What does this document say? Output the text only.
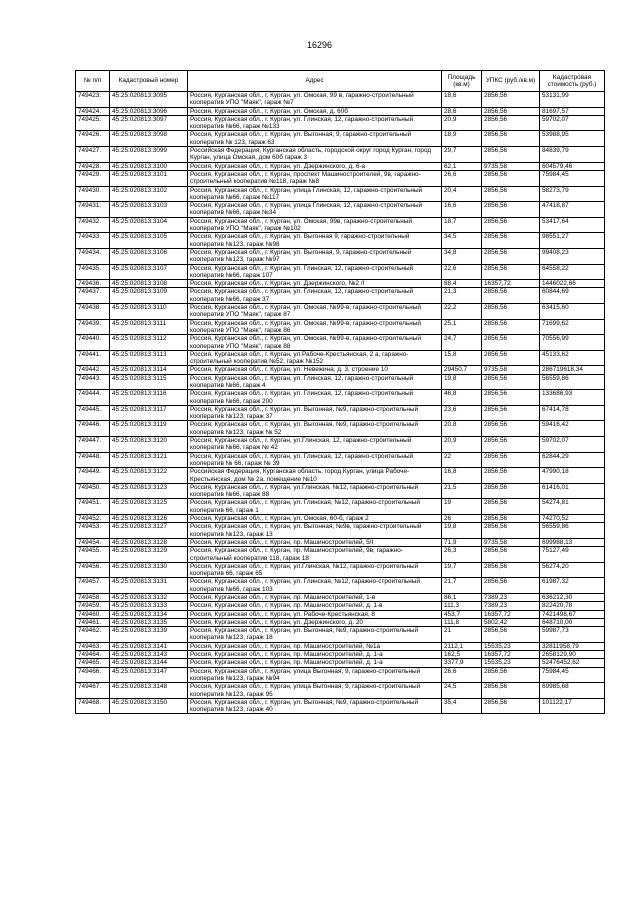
16296
№ п/п	Кадастровый номер	Адрес	Площадь (кв.м)	УПКС (руб./кв.м)	Кадастровая стоимость (руб.)
749423.	45:25:020813:3095	Россия, Курганская обл., г. Курган, ул. Омская, 99 в, гаражно-строительный кооператив УПО "Маяк", гараж №7	18,6	2856,56	53131,99
749424.	45:25:020813:3096	Россия, Курганская обл., г. Курган, ул. Омская, д. 60б	28,6	2856,56	81697,57
749425.	45:25:020813:3097	Россия, Курганская обл., г. Курган, ул. Глинская, 12, гаражно-строительный кооператив №66, гараж №133	20,9	2856,56	59702,07
749426.	45:25:020813:3098	Россия, Курганская обл., г. Курган, ул. Выгонная, 9, гаражно-строительный кооператив № 123, гараж 63	18,9	2856,56	53988,95
749427.	45:25:020813:3099	Российская Федерация, Курганская область, городской округ город Курган, город Курган, улица Омская, дом 60б гараж 3	29,7	2856,56	84839,79
749428.	45:25:020813:3100	Россия, Курганская обл., г. Курган, ул. Дзержинского, д. 6-а	62,1	9735,58	604579,46
749429.	45:25:020813:3101	Россия, Курганская обл., г. Курган, проспект Машиностроителей, 9в, гаражно-строительный кооператив №118, гараж №8	26,6	2856,56	75984,45
749430.	45:25:020813:3102	Россия, Курганская обл., г. Курган, улица Глинская, 12, гаражно-строительный кооператив №66, гараж №117	20,4	2856,56	58273,79
749431.	45:25:020813:3103	Россия, Курганская обл., г. Курган, улица Глинская, 12, гаражно-строительный кооператив №66, гараж №34	16,6	2856,56	47418,87
749432.	45:25:020813:3104	Россия, Курганская обл., г. Курган, ул. Омская, 99в, гаражно-строительный кооператив УПО "Маяк", гараж №102	18,7	2856,56	53417,64
749433.	45:25:020813:3105	Россия, Курганская обл., г. Курган, ул. Выгонная 9, гаражно-строительный кооператив №123, гараж №98	34,5	2856,56	98551,27
749434.	45:25:020813:3106	Россия, Курганская обл., г. Курган, ул. Выгонная, 9, гаражно-строительный кооператив №123, гараж №97	34,8	2856,56	99408,23
749435.	45:25:020813:3107	Россия, Курганская обл., г. Курган, ул. Глинская, 12, гаражно-строительный кооператив №66, гараж 107	22,6	2856,56	64558,22
749436.	45:25:020813:3108	Россия, Курганская обл., г. Курган, ул. Дзержинского, №2 /I	88,4	16357,72	1446022,66
749437.	45:25:020813:3109	Россия, Курганская обл., г. Курган, ул. Глинская, 12, гаражно-строительный кооператив №66, гараж 37	21,3	2856,56	60844,69
749438.	45:25:020813:3110	Россия, Курганская обл., г. Курган, ул. Омская, №99-в, гаражно-строительный кооператив УПО "Маяк", гараж 87	22,2	2856,56	63415,60
749439.	45:25:020813:3111	Россия, Курганская обл., г. Курган, ул. Омская, №99-в, гаражно-строительный кооператив УПО "Маяк", гараж 86	25,1	2856,56	71699,62
749440.	45:25:020813:3112	Россия, Курганская обл., г. Курган, ул. Омская, №99-в, гаражно-строительный кооператив УПО "Маяк", гараж 88	24,7	2856,56	70556,99
749441.	45:25:020813:3113	Россия, Курганская обл., г. Курган, ул.Рабоче-Крестьянская, 2 а, гаражно-строительный кооператив №52, гараж №152	15,8	2856,56	45133,62
749442.	45:25:020813:3114	Россия, Курганская обл., г. Курган, ул. Невежина, д. 3, строение 10	29450,7	9735,58	286719618,34
749443.	45:25:020813:3115	Россия, Курганская обл., г. Курган, ул. Глинская, 12, гаражно-строительный кооператив №66, гараж 4	19,8	2856,56	56559,86
749444.	45:25:020813:3116	Россия, Курганская обл., г. Курган, ул. Глинская, 12, гаражно-строительный кооператив №66, гараж 200	46,8	2856,56	133686,93
749445.	45:25:020813:3117	Россия, Курганская обл., г. Курган, ул. Выгонная, №9, гаражно-строительный кооператив №123, гараж 37	23,6	2856,56	67414,78
749446.	45:25:020813:3119	Россия, Курганская обл., г. Курган, ул. Выгонная, №9, гаражно-строительный кооператив №123, гараж № 52	20,8	2856,56	59416,42
749447.	45:25:020813:3120	Россия, Курганская обл., г. Курган, ул.Глинская, 12, гаражно-строительный кооператив №66, гараж № 42	20,9	2856,56	59702,07
749448.	45:25:020813:3121	Россия, Курганская обл., г. Курган, ул. Глинская, 12, гаражно-строительный кооператив № 66, гараж № 39	22	2856,56	62844,29
749449.	45:25:020813:3122	Российская Федерация, Курганская область, город Курган, улица Рабоче-Крестьянская, дом № 2а, помещение №10	16,8	2856,56	47990,18
749450.	45:25:020813:3123	Россия, Курганская обл., г. Курган, ул.Глинская, №12, гаражно-строительный кооператив №66, гараж 88	21,5	2856,56	61416,01
749451.	45:25:020813:3125	Россия, Курганская обл., г. Курган, ул. Глинская, №12, гаражно-строительный кооператив 66, гараж 1	19	2856,56	54274,81
749452.	45:25:020813:3126	Россия, Курганская обл., г. Курган, ул. Омская, 60-б, гараж 2	26	2856,56	74270,52
749453.	45:25:020813:3127	Россия, Курганская обл., г. Курган, ул. Выгонная, №9в, гаражно-строительный кооператив №123, гараж 13	19,8	2856,56	56559,86
749454.	45:25:020813:3128	Россия, Курганская обл., г. Курган, пр. Машиностроителей, 5/I	71,9	9735,58	699988,13
749455.	45:25:020813:3129	Россия, Курганская обл., г. Курган, пр. Машиностроителей, 9в, гаражно-строительный кооператив 118, гараж 18	26,3	2856,56	75127,49
749456.	45:25:020813:3130	Россия, Курганская обл., г. Курган, ул.Глинская, №12, гаражно-строительный кооператив 66, гараж 65	19,7	2856,56	56274,20
749457.	45:25:020813:3131	Россия, Курганская обл., г. Курган, ул. Глинская, №12, гаражно-строительный кооператив №66, гараж 103	21,7	2856,56	61987,32
749458.	45:25:020813:3132	Россия, Курганская обл., г. Курган, пр. Машиностроителей, 1-в	86,1	7389,23	636212,30
749459.	45:25:020813:3133	Россия, Курганская обл., г. Курган, пр. Машиностроителей, д. 1-в	111,3	7389,23	822420,78
749460.	45:25:020813:3134	Россия, Курганская обл., г. Курган, ул. Рабоче-Крестьянская, 8	453,7	16357,72	7421498,67
749461.	45:25:020813:3135	Россия, Курганская обл., г. Курган, ул. Дзержинского, д. 20	111,8	5802,42	648710,00
749462.	45:25:020813:3139	Россия, Курганская обл., г. Курган, ул. Выгонная, №9, гаражно-строительный кооператив №123, гараж 18	21	2856,56	59987,73
749463.	45:25:020813:3141	Россия, Курганская обл., г. Курган, пр. Машиностроителей, №1а	2112,1	15535,23	32811958,79
749464.	45:25:020813:3143	Россия, Курганская обл., г. Курган, пр. Машиностроителей, д. 1-а	162,5	16357,72	2658129,90
749465.	45:25:020813:3144	Россия, Курганская обл., г. Курган, пр. Машиностроителей, д. 1-а	3377,9	15535,23	52476452,62
749466.	45:25:020813:3147	Россия, Курганская обл., г. Курган, улица Выгонная, 9, гаражно-строительный кооператив №123, гараж №94	26,6	2856,56	75984,45
749467.	45:25:020813:3148	Россия, Курганская обл., г. Курган, улица Выгонная, 9, гаражно-строительный кооператив №123, гараж 95	24,5	2856,56	69985,68
749468.	45:25:020813:3150	Россия, Курганская обл., г. Курган, ул. Выгонная, №9, гаражно-строительный кооператив №123, гараж 40	35,4	2856,56	101122,17
